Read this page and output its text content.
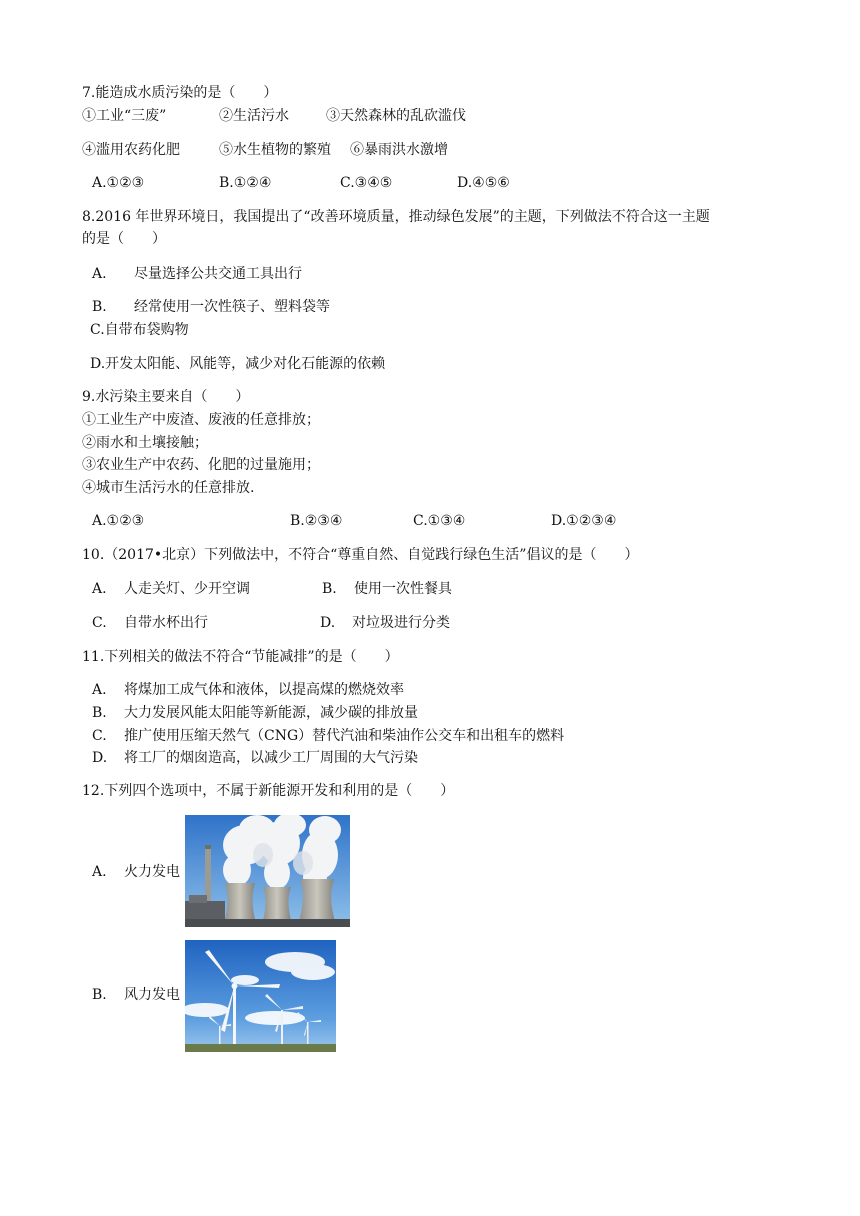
7.能造成水质污染的是（　　）
①工业“三废”	②生活污水	③天然森林的乱砍滥伐
④滥用农药化肥	⑤水生植物的繁殖 ⑥暴雨洪水激增
A.①②③	B.①②④	C.③④⑤	D.④⑤⑥
8.2016 年世界环境日，我国提出了“改善环境质量，推动绿色发展”的主题，下列做法不符合这一主题
的是（　　）
A. 尽量选择公共交通工具出行
B. 经常使用一次性筷子、塑料袋等
C.自带布袋购物
D.开发太阳能、风能等，减少对化石能源的依赖
9.水污染主要来自（　　）
①工业生产中废渣、废液的任意排放；
②雨水和土壤接触；
③农业生产中农药、化肥的过量施用；
④城市生活污水的任意排放.
A.①②③	B.②③④	C.①③④	D.①②③④
10.（2017•北京）下列做法中，不符合“尊重自然、自觉践行绿色生活”倡议的是（　　）
A. 人走关灯、少开空调	B. 使用一次性餐具
C. 自带水杯出行	D. 对垃圾进行分类
11.下列相关的做法不符合“节能减排”的是（　　）
A. 将煤加工成气体和液体，以提高煤的燃烧效率
B. 大力发展风能太阳能等新能源，减少碳的排放量
C. 推广使用压缩天然气（CNG）替代汽油和柴油作公交车和出租车的燃料
D. 将工厂的烟囱造高，以减少工厂周围的大气污染
12.下列四个选项中，不属于新能源开发和利用的是（　　）
A. 火力发电
B. 风力发电
